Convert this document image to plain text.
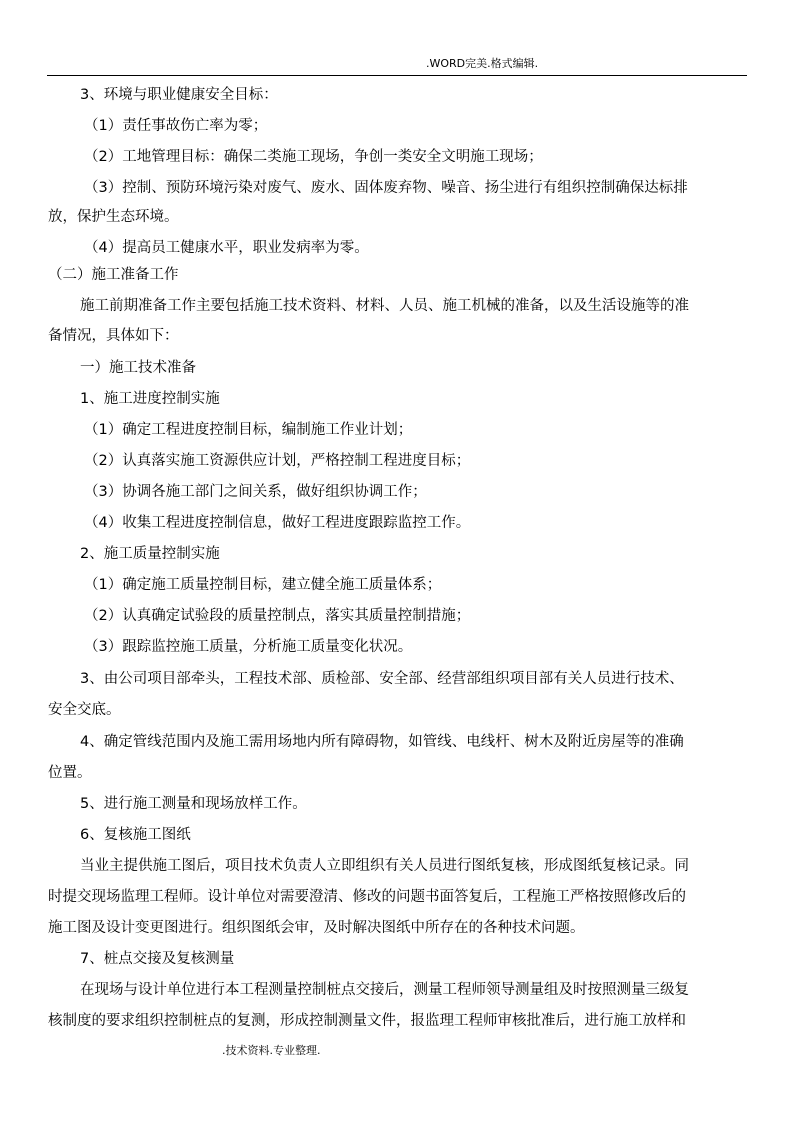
.WORD完美.格式编辑.
3、环境与职业健康安全目标：
（1）责任事故伤亡率为零；
（2）工地管理目标：确保二类施工现场，争创一类安全文明施工现场；
（3）控制、预防环境污染对废气、废水、固体废弃物、噪音、扬尘进行有组织控制确保达标排
放，保护生态环境。
（4）提高员工健康水平，职业发病率为零。
（二）施工准备工作
施工前期准备工作主要包括施工技术资料、材料、人员、施工机械的准备，以及生活设施等的准
备情况，具体如下：
一）施工技术准备
1、施工进度控制实施
（1）确定工程进度控制目标，编制施工作业计划；
（2）认真落实施工资源供应计划，严格控制工程进度目标；
（3）协调各施工部门之间关系，做好组织协调工作；
（4）收集工程进度控制信息，做好工程进度跟踪监控工作。
2、施工质量控制实施
（1）确定施工质量控制目标，建立健全施工质量体系；
（2）认真确定试验段的质量控制点，落实其质量控制措施；
（3）跟踪监控施工质量，分析施工质量变化状况。
3、由公司项目部牵头，工程技术部、质检部、安全部、经营部组织项目部有关人员进行技术、
安全交底。
4、确定管线范围内及施工需用场地内所有障碍物，如管线、电线杆、树木及附近房屋等的准确
位置。
5、进行施工测量和现场放样工作。
6、复核施工图纸
当业主提供施工图后，项目技术负责人立即组织有关人员进行图纸复核，形成图纸复核记录。同
时提交现场监理工程师。设计单位对需要澄清、修改的问题书面答复后，工程施工严格按照修改后的
施工图及设计变更图进行。组织图纸会审，及时解决图纸中所存在的各种技术问题。
7、桩点交接及复核测量
在现场与设计单位进行本工程测量控制桩点交接后，测量工程师领导测量组及时按照测量三级复
核制度的要求组织控制桩点的复测，形成控制测量文件，报监理工程师审核批准后，进行施工放样和
.技术资料.专业整理.
